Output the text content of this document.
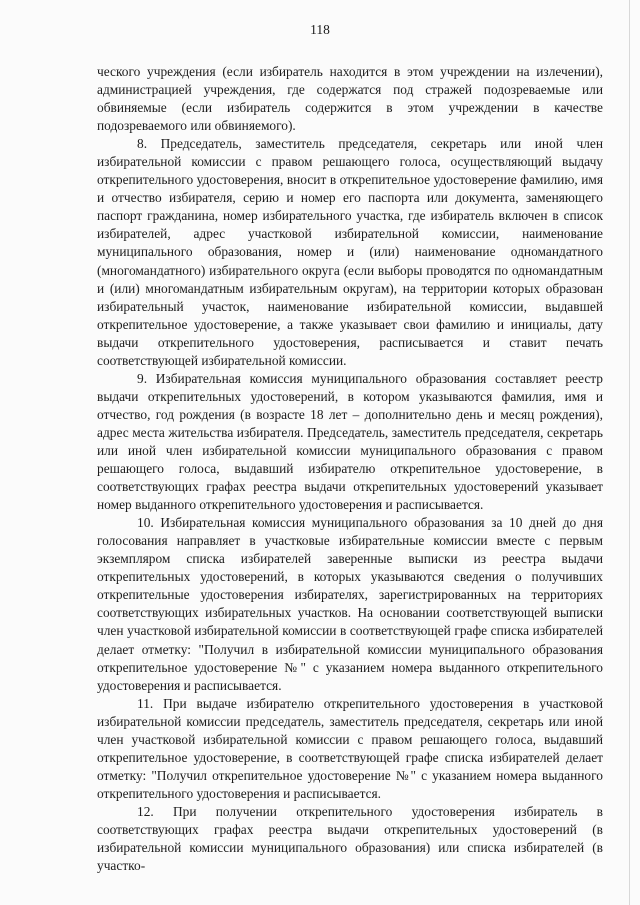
118

ческого учреждения (если избиратель находится в этом учреждении на излечении), администрацией учреждения, где содержатся под стражей подозреваемые или обвиняемые (если избиратель содержится в этом учреждении в качестве подозреваемого или обвиняемого).

8. Председатель, заместитель председателя, секретарь или иной член избирательной комиссии с правом решающего голоса, осуществляющий выдачу открепительного удостоверения, вносит в открепительное удостоверение фамилию, имя и отчество избирателя, серию и номер его паспорта или документа, заменяющего паспорт гражданина, номер избирательного участка, где избиратель включен в список избирателей, адрес участковой избирательной комиссии, наименование муниципального образования, номер и (или) наименование одномандатного (многомандатного) избирательного округа (если выборы проводятся по одномандатным и (или) многомандатным избирательным округам), на территории которых образован избирательный участок, наименование избирательной комиссии, выдавшей открепительное удостоверение, а также указывает свои фамилию и инициалы, дату выдачи открепительного удостоверения, расписывается и ставит печать соответствующей избирательной комиссии.

9. Избирательная комиссия муниципального образования составляет реестр выдачи открепительных удостоверений, в котором указываются фамилия, имя и отчество, год рождения (в возрасте 18 лет – дополнительно день и месяц рождения), адрес места жительства избирателя. Председатель, заместитель председателя, секретарь или иной член избирательной комиссии муниципального образования с правом решающего голоса, выдавший избирателю открепительное удостоверение, в соответствующих графах реестра выдачи открепительных удостоверений указывает номер выданного открепительного удостоверения и расписывается.

10. Избирательная комиссия муниципального образования за 10 дней до дня голосования направляет в участковые избирательные комиссии вместе с первым экземпляром списка избирателей заверенные выписки из реестра выдачи открепительных удостоверений, в которых указываются сведения о получивших открепительные удостоверения избирателях, зарегистрированных на территориях соответствующих избирательных участков. На основании соответствующей выписки член участковой избирательной комиссии в соответствующей графе списка избирателей делает отметку: "Получил в избирательной комиссии муниципального образования открепительное удостоверение №" с указанием номера выданного открепительного удостоверения и расписывается.

11. При выдаче избирателю открепительного удостоверения в участковой избирательной комиссии председатель, заместитель председателя, секретарь или иной член участковой избирательной комиссии с правом решающего голоса, выдавший открепительное удостоверение, в соответствующей графе списка избирателей делает отметку: "Получил открепительное удостоверение №" с указанием номера выданного открепительного удостоверения и расписывается.

12. При получении открепительного удостоверения избиратель в соответствующих графах реестра выдачи открепительных удостоверений (в избирательной комиссии муниципального образования) или списка избирателей (в участко-
